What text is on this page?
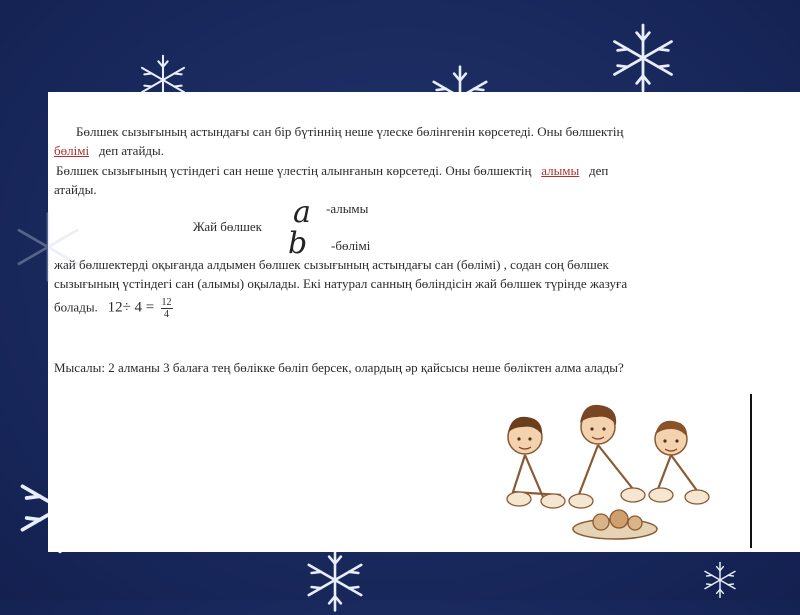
Бөлшек сызығының астындағы сан бір бүтіннің неше үлеске бөлінгенін көрсетеді. Оны бөлшектің
бөлімі деп атайды.
Бөлшек сызығының үстіндегі сан неше үлестің алынғанын көрсетеді. Оны бөлшектің алымы деп
атайды.
-алымы
a
Жай бөлшек b -бөлімі
жай бөлшектерді оқығанда алдымен бөлшек сызығының астындағы сан (бөлімі) , содан соң бөлшек
сызығының үстіндегі сан (алымы) оқылады. Екі натурал санның бөліндісін жай бөлшек түрінде жазуға
болады. $12\div 4 = \frac{12}{4}$
Мысалы: 2 алманы 3 балаға тең бөлікке бөліп берсек, олардың әр қайсысы неше бөліктен алма алады?
